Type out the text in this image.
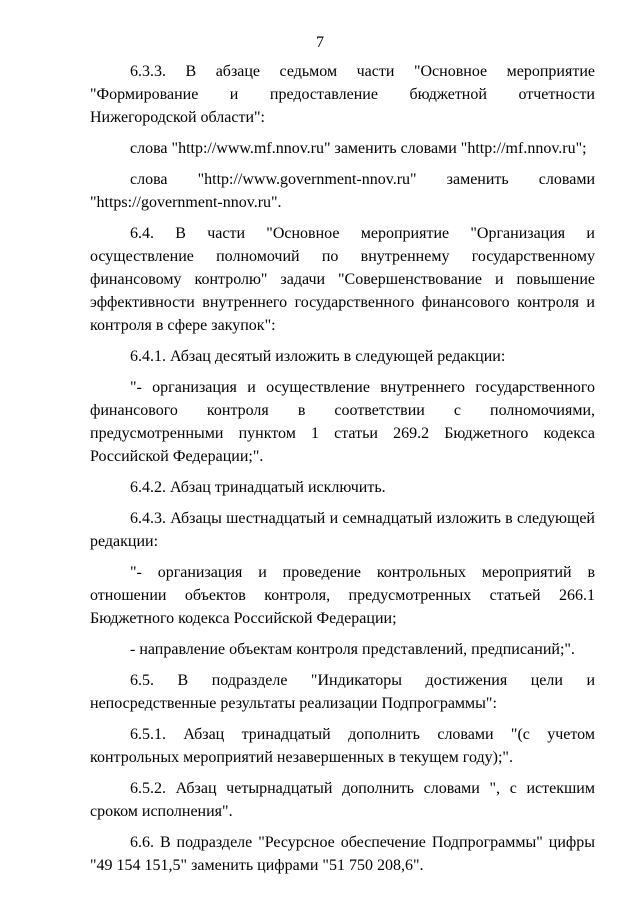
7
6.3.3. В абзаце седьмом части "Основное мероприятие "Формирование и предоставление бюджетной отчетности Нижегородской области":
слова "http://www.mf.nnov.ru" заменить словами "http://mf.nnov.ru";
слова "http://www.government-nnov.ru" заменить словами
"https://government-nnov.ru".
6.4. В части "Основное мероприятие "Организация и осуществление полномочий по внутреннему государственному финансовому контролю" задачи "Совершенствование и повышение эффективности внутреннего государственного финансового контроля и контроля в сфере закупок":
6.4.1. Абзац десятый изложить в следующей редакции:
"- организация и осуществление внутреннего государственного финансового контроля в соответствии с полномочиями, предусмотренными пунктом 1 статьи 269.2 Бюджетного кодекса Российской Федерации;".
6.4.2. Абзац тринадцатый исключить.
6.4.3. Абзацы шестнадцатый и семнадцатый изложить в следующей редакции:
"- организация и проведение контрольных мероприятий в отношении объектов контроля, предусмотренных статьей 266.1 Бюджетного кодекса Российской Федерации;
- направление объектам контроля представлений, предписаний;".
6.5. В подразделе "Индикаторы достижения цели и непосредственные результаты реализации Подпрограммы":
6.5.1. Абзац тринадцатый дополнить словами "(с учетом контрольных мероприятий незавершенных в текущем году);".
6.5.2. Абзац четырнадцатый дополнить словами ", с истекшим сроком исполнения".
6.6. В подразделе "Ресурсное обеспечение Подпрограммы" цифры "49 154 151,5" заменить цифрами "51 750 208,6".
